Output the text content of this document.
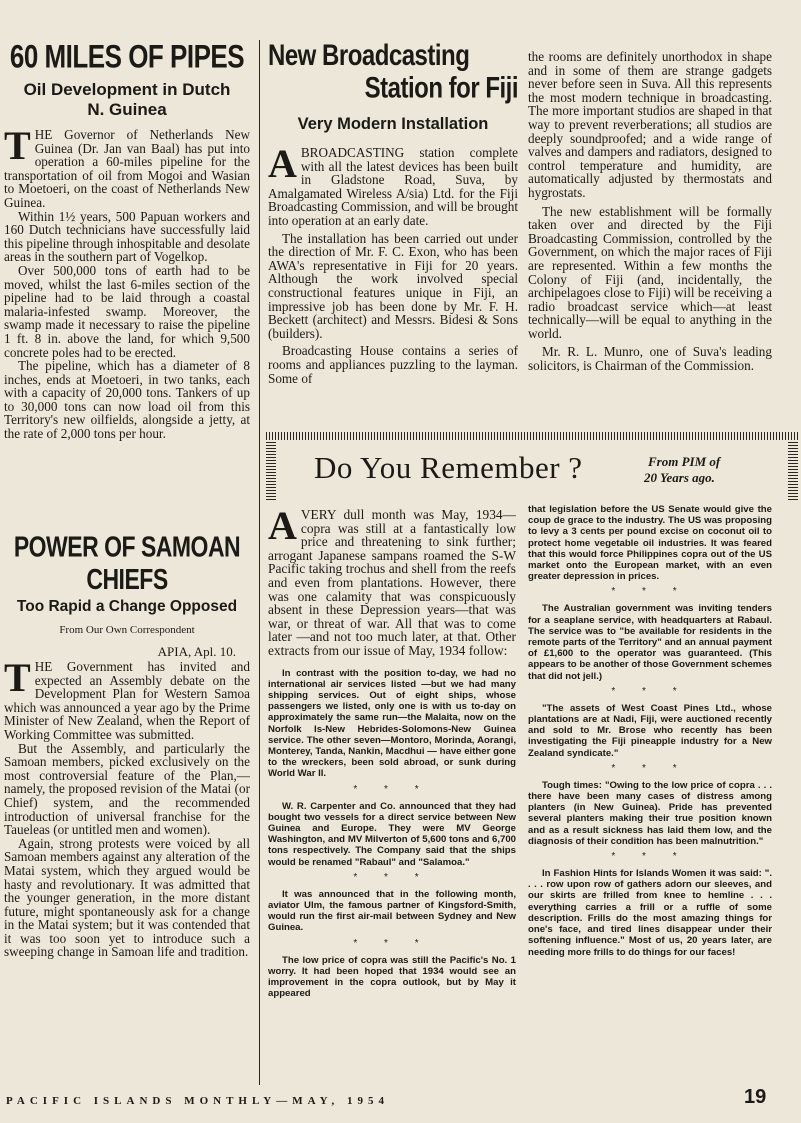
60 MILES OF PIPES
Oil Development in Dutch N. Guinea

THE Governor of Netherlands New Guinea (Dr. Jan van Baal) has put into operation a 60-miles pipeline for the transportation of oil from Mogoi and Wasian to Moetoeri, on the coast of Netherlands New Guinea.

Within 1½ years, 500 Papuan workers and 160 Dutch technicians have successfully laid this pipeline through inhospitable and desolate areas in the southern part of Vogelkop.

Over 500,000 tons of earth had to be moved, whilst the last 6-miles section of the pipeline had to be laid through a coastal malaria-infested swamp. Moreover, the swamp made it necessary to raise the pipeline 1 ft. 8 in. above the land, for which 9,500 concrete poles had to be erected.

The pipeline, which has a diameter of 8 inches, ends at Moetoeri, in two tanks, each with a capacity of 20,000 tons. Tankers of up to 30,000 tons can now load oil from this Territory's new oilfields, alongside a jetty, at the rate of 2,000 tons per hour.

POWER OF SAMOAN
CHIEFS
Too Rapid a Change Opposed
From Our Own Correspondent
APIA, Apl. 10.

THE Government has invited and expected an Assembly debate on the Development Plan for Western Samoa which was announced a year ago by the Prime Minister of New Zealand, when the Report of Working Committee was submitted.

But the Assembly, and particularly the Samoan members, picked exclusively on the most controversial feature of the Plan,—namely, the proposed revision of the Matai (or Chief) system, and the recommended introduction of universal franchise for the Taueleas (or untitled men and women).

Again, strong protests were voiced by all Samoan members against any alteration of the Matai system, which they argued would be hasty and revolutionary. It was admitted that the younger generation, in the more distant future, might spontaneously ask for a change in the Matai system; but it was contended that it was too soon yet to introduce such a sweeping change in Samoan life and tradition.

New Broadcasting
Station for Fiji
Very Modern Installation

ABROADCASTING station complete with all the latest devices has been built in Gladstone Road, Suva, by Amalgamated Wireless A/sia) Ltd. for the Fiji Broadcasting Commission, and will be brought into operation at an early date.

The installation has been carried out under the direction of Mr. F. C. Exon, who has been AWA's representative in Fiji for 20 years. Although the work involved special constructional features unique in Fiji, an impressive job has been done by Mr. F. H. Beckett (architect) and Messrs. Bidesi & Sons (builders).

Broadcasting House contains a series of rooms and appliances puzzling to the layman. Some of

the rooms are definitely unorthodox in shape and in some of them are strange gadgets never before seen in Suva. All this represents the most modern technique in broadcasting. The more important studios are shaped in that way to prevent reverberations; all studios are deeply soundproofed; and a wide range of valves and dampers and radiators, designed to control temperature and humidity, are automatically adjusted by thermostats and hygrostats.

The new establishment will be formally taken over and directed by the Fiji Broadcasting Commission, controlled by the Government, on which the major races of Fiji are represented. Within a few months the Colony of Fiji (and, incidentally, the archipelagoes close to Fiji) will be receiving a radio broadcast service which—at least technically—will be equal to anything in the world.

Mr. R. L. Munro, one of Suva's leading solicitors, is Chairman of the Commission.

Do You Remember ?	From PIM of
20 Years ago.

AVERY dull month was May, 1934—copra was still at a fantastically low price and threatening to sink further; arrogant Japanese sampans roamed the S-W Pacific taking trochus and shell from the reefs and even from plantations. However, there was one calamity that was conspicuously absent in these Depression years—that was war, or threat of war. All that was to come later —and not too much later, at that. Other extracts from our issue of May, 1934 follow:

In contrast with the position to-day, we had no international air services listed —but we had many shipping services. Out of eight ships, whose passengers we listed, only one is with us to-day on approximately the same run—the Malaita, now on the Norfolk Is-New Hebrides-Solomons-New Guinea service. The other seven—Montoro, Morinda, Aorangi, Monterey, Tanda, Nankin, Macdhui — have either gone to the wreckers, been sold abroad, or sunk during World War II.

* * *

W. R. Carpenter and Co. announced that they had bought two vessels for a direct service between New Guinea and Europe. They were MV George Washington, and MV Milverton of 5,600 tons and 6,700 tons respectively. The Company said that the ships would be renamed "Rabaul" and "Salamoa."

* * *

It was announced that in the following month, aviator Ulm, the famous partner of Kingsford-Smith, would run the first air-mail between Sydney and New Guinea.

* * *

The low price of copra was still the Pacific's No. 1 worry. It had been hoped that 1934 would see an improvement in the copra outlook, but by May it appeared

that legislation before the US Senate would give the coup de grace to the industry. The US was proposing to levy a 3 cents per pound excise on coconut oil to protect home vegetable oil industries. It was feared that this would force Philippines copra out of the US market onto the European market, with an even greater depression in prices.

* * *

The Australian government was inviting tenders for a seaplane service, with headquarters at Rabaul. The service was to "be available for residents in the remote parts of the Territory" and an annual payment of £1,600 to the operator was guaranteed. (This appears to be another of those Government schemes that did not jell.)

* * *

"The assets of West Coast Pines Ltd., whose plantations are at Nadi, Fiji, were auctioned recently and sold to Mr. Brose who recently has been investigating the Fiji pineapple industry for a New Zealand syndicate."

* * *

Tough times: "Owing to the low price of copra . . . there have been many cases of distress among planters (in New Guinea). Pride has prevented several planters making their true position known and as a result sickness has laid them low, and the diagnosis of their condition has been malnutrition."

* * *

In Fashion Hints for Islands Women it was said: ". . . . row upon row of gathers adorn our sleeves, and our skirts are frilled from knee to hemline . . . everything carries a frill or a ruffle of some description. Frills do the most amazing things for one's face, and tired lines disappear under their softening influence." Most of us, 20 years later, are needing more frills to do things for our faces!

PACIFIC ISLANDS MONTHLY—MAY, 1954	19
